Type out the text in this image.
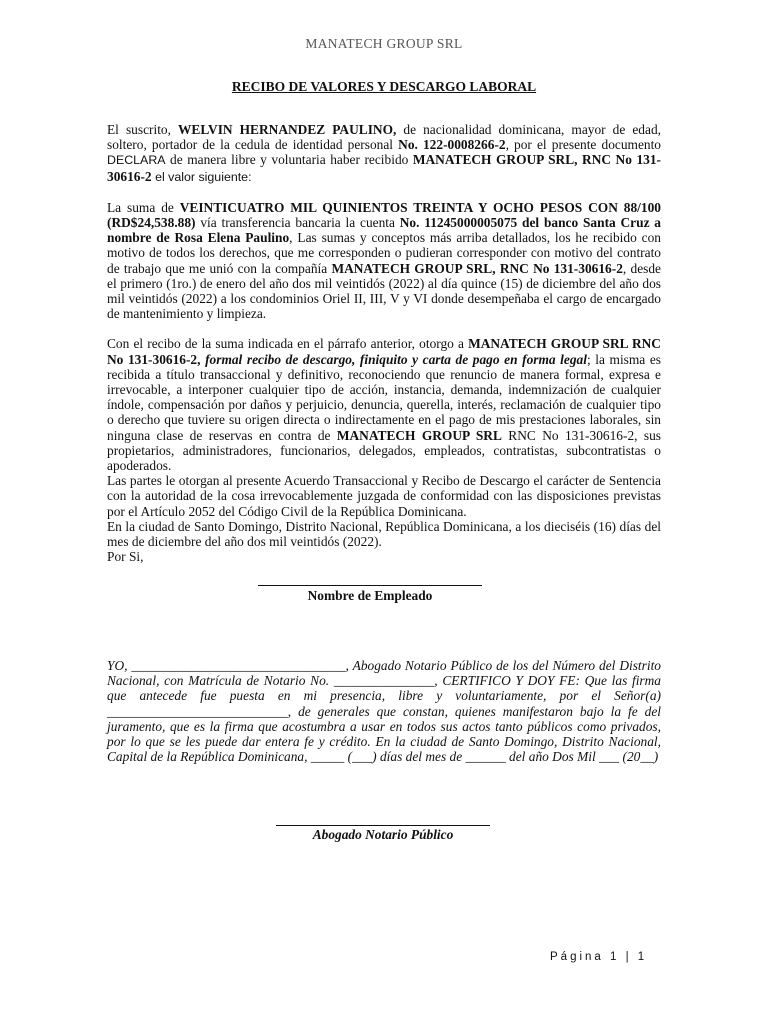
MANATECH GROUP SRL
RECIBO DE VALORES Y DESCARGO LABORAL

El suscrito, WELVIN HERNANDEZ PAULINO, de nacionalidad dominicana, mayor de edad, soltero, portador de la cedula de identidad personal No. 122-0008266-2, por el presente documento DECLARA de manera libre y voluntaria haber recibido MANATECH GROUP SRL, RNC No 131-30616-2 el valor siguiente:

La suma de VEINTICUATRO MIL QUINIENTOS TREINTA Y OCHO PESOS CON 88/100 (RD$24,538.88) vía transferencia bancaria la cuenta No. 11245000005075 del banco Santa Cruz a nombre de Rosa Elena Paulino, Las sumas y conceptos más arriba detallados, los he recibido con motivo de todos los derechos, que me corresponden o pudieran corresponder con motivo del contrato de trabajo que me unió con la compañía MANATECH GROUP SRL, RNC No 131-30616-2, desde el primero (1ro.) de enero del año dos mil veintidós (2022) al día quince (15) de diciembre del año dos mil veintidós (2022) a los condominios Oriel II, III, V y VI donde desempeñaba el cargo de encargado de mantenimiento y limpieza.

Con el recibo de la suma indicada en el párrafo anterior, otorgo a MANATECH GROUP SRL RNC No 131-30616-2, formal recibo de descargo, finiquito y carta de pago en forma legal; la misma es recibida a título transaccional y definitivo, reconociendo que renuncio de manera formal, expresa e irrevocable, a interponer cualquier tipo de acción, instancia, demanda, indemnización de cualquier índole, compensación por daños y perjuicio, denuncia, querella, interés, reclamación de cualquier tipo o derecho que tuviere su origen directa o indirectamente en el pago de mis prestaciones laborales, sin ninguna clase de reservas en contra de MANATECH GROUP SRL RNC No 131-30616-2, sus propietarios, administradores, funcionarios, delegados, empleados, contratistas, subcontratistas o apoderados.

Las partes le otorgan al presente Acuerdo Transaccional y Recibo de Descargo el carácter de Sentencia con la autoridad de la cosa irrevocablemente juzgada de conformidad con las disposiciones previstas por el Artículo 2052 del Código Civil de la República Dominicana.

En la ciudad de Santo Domingo, Distrito Nacional, República Dominicana, a los dieciséis (16) días del mes de diciembre del año dos mil veintidós (2022).

Por Si,

Nombre de Empleado
YO, ________________________________, Abogado Notario Público de los del Número del Distrito Nacional, con Matrícula de Notario No. _______________, CERTIFICO Y DOY FE: Que las firma que antecede fue puesta en mi presencia, libre y voluntariamente, por el Señor(a) ___________________________, de generales que constan, quienes manifestaron bajo la fe del juramento, que es la firma que acostumbra a usar en todos sus actos tanto públicos como privados, por lo que se les puede dar entera fe y crédito. En la ciudad de Santo Domingo, Distrito Nacional, Capital de la República Dominicana, _____ (___) días del mes de ______ del año Dos Mil ___ (20__)
Abogado Notario Público
Página 1 | 1
